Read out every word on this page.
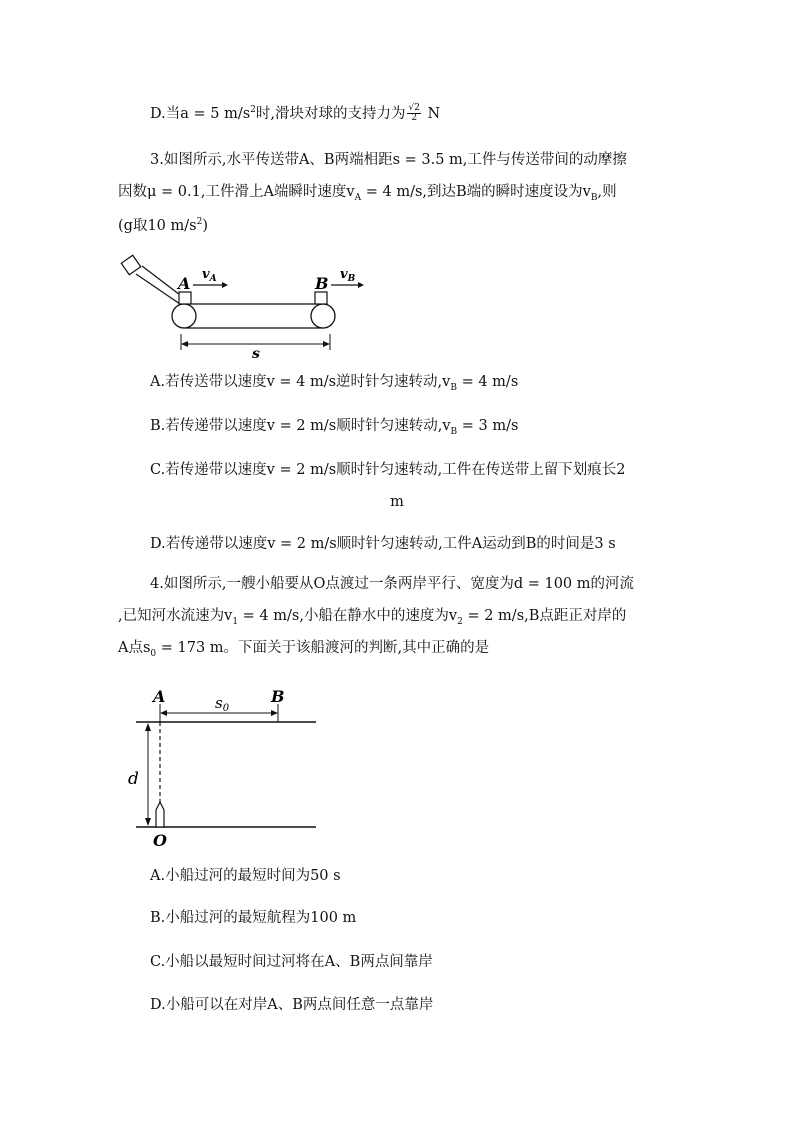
D.当a = 5 $m/s^2$时,滑块对球的支持力为 $\frac{√2}{2}$ N
3.如图所示,水平传送带A、B两端相距s = 3.5 m,工件与传送带间的动摩擦
因数μ = 0.1,工件滑上A端瞬时速度$v_A = 4$ m/s,到达B端的瞬时速度设为$v_B$,则
(g取10 $m/s^2$)
A	B
$v_A$	$v_B$
s
A.若传送带以速度v = 4 m/s逆时针匀速转动$,v_B = 4$ m/s
B.若传递带以速度v = 2 m/s顺时针匀速转动$,v_B = 3$ m/s
C.若传递带以速度v = 2 m/s顺时针匀速转动,工件在传送带上留下划痕长2
m
D.若传递带以速度v = 2 m/s顺时针匀速转动,工件A运动到B的时间是3 s
4.如图所示,一艘小船要从O点渡过一条两岸平行、宽度为d = 100 m的河流
,已知河水流速为$v_1 = 4$ m/s,小船在静水中的速度为$v_2 = 2$ m/s,B点距正对岸的
A点$s_0 = 173$ m。下面关于该船渡河的判断,其中正确的是
A	B
$s_0$
d
O
A.小船过河的最短时间为50 s
B.小船过河的最短航程为100 m
C.小船以最短时间过河将在A、B两点间靠岸
D.小船可以在对岸A、B两点间任意一点靠岸
